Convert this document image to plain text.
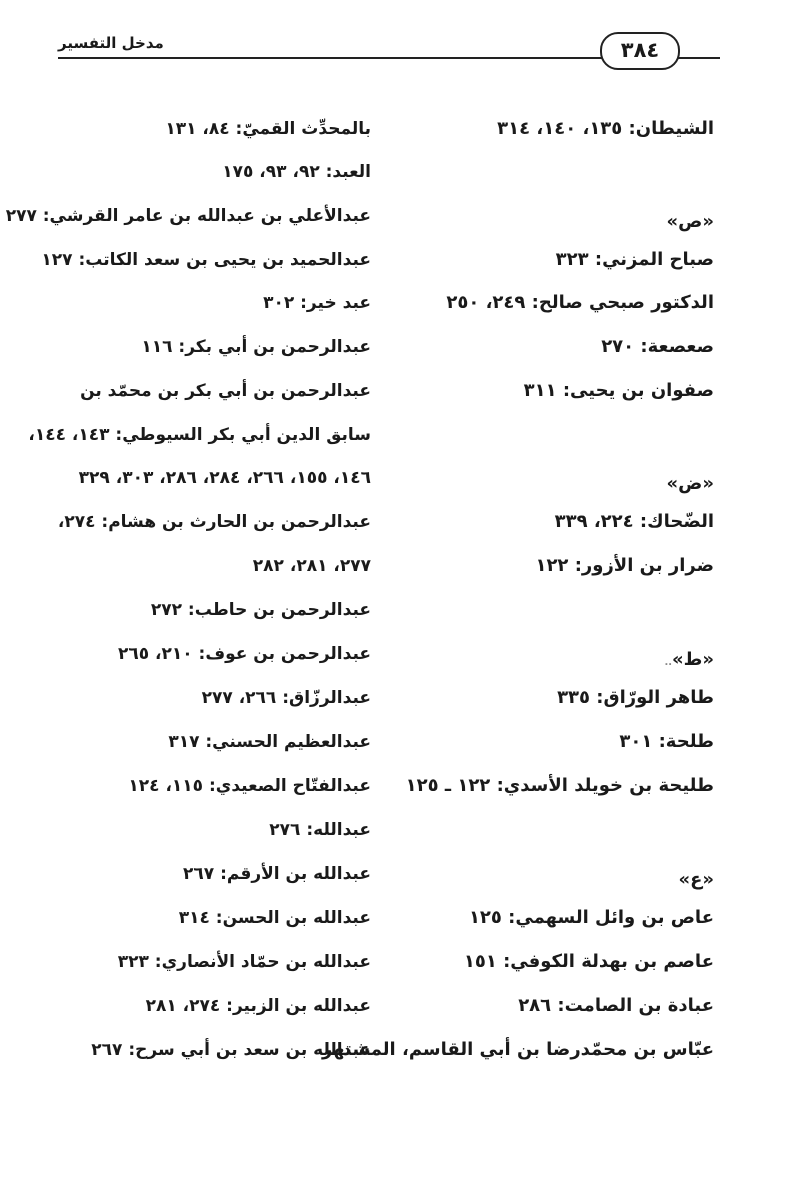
مدخل التفسير	٣٨٤
الشيطان: ١٣٥، ١٤٠، ٣١٤
«ص»
صباح المزني: ٣٢٣
الدكتور صبحي صالح: ٢٤٩، ٢٥٠
صعصعة: ٢٧٠
صفوان بن يحيى: ٣١١
«ض»
الضّحاك: ٢٢٤، ٣٣٩
ضرار بن الأزور: ١٢٢
«ط»..
طاهر الورّاق: ٣٣٥
طلحة: ٣٠١
طليحة بن خويلد الأسدي: ١٢٢ ـ ١٢٥
«ع»
عاص بن وائل السهمي: ١٢٥
عاصم بن بهدلة الكوفي: ١٥١
عبادة بن الصامت: ٢٨٦
عبّاس بن محمّدرضا بن أبي القاسم، المشتهر
بالمحدِّث القميّ: ٨٤، ١٣١
العبد: ٩٢، ٩٣، ١٧٥
عبدالأعلي بن عبدالله بن عامر القرشي: ٢٧٧
عبدالحميد بن يحيى بن سعد الكاتب: ١٢٧
عبد خير: ٣٠٢
عبدالرحمن بن أبي بكر: ١١٦
عبدالرحمن بن أبي بكر بن محمّد بن
سابق الدين أبي بكر السيوطي: ١٤٣، ١٤٤،
١٤٦، ١٥٥، ٢٦٦، ٢٨٤، ٢٨٦، ٣٠٣، ٣٢٩
عبدالرحمن بن الحارث بن هشام: ٢٧٤،
٢٧٧، ٢٨١، ٢٨٢
عبدالرحمن بن حاطب: ٢٧٢
عبدالرحمن بن عوف: ٢١٠، ٢٦٥
عبدالرزّاق: ٢٦٦، ٢٧٧
عبدالعظيم الحسني: ٣١٧
عبدالفتّاح الصعيدي: ١١٥، ١٢٤
عبدالله: ٢٧٦
عبدالله بن الأرقم: ٢٦٧
عبدالله بن الحسن: ٣١٤
عبدالله بن حمّاد الأنصاري: ٣٢٣
عبدالله بن الزبير: ٢٧٤، ٢٨١
عبدالله بن سعد بن أبي سرح: ٢٦٧
